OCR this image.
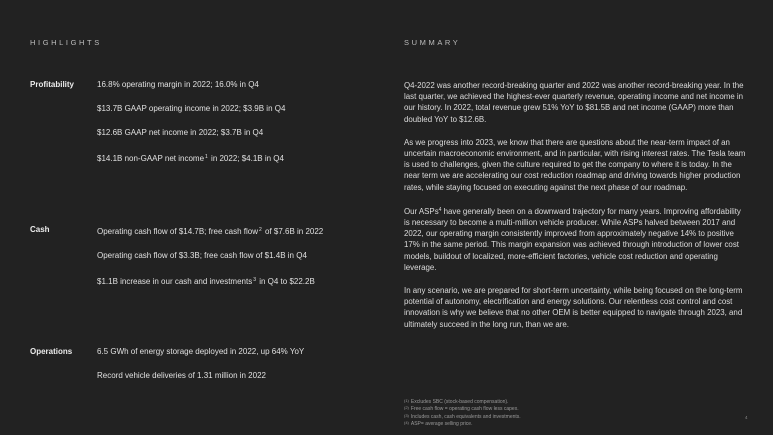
HIGHLIGHTS	SUMMARY
Profitability	16.8% operating margin in 2022; 16.0% in Q4
$13.7B GAAP operating income in 2022; $3.9B in Q4
$12.6B GAAP net income in 2022; $3.7B in Q4
$14.1B non-GAAP net income$^1$ in 2022; $4.1B in Q4
Cash	Operating cash flow of $14.7B; free cash flow$^2$ of $7.6B in 2022
Operating cash flow of $3.3B; free cash flow of $1.4B in Q4
$1.1B increase in our cash and investments$^3$ in Q4 to $22.2B
Operations	6.5 GWh of energy storage deployed in 2022, up 64% YoY
Record vehicle deliveries of 1.31 million in 2022

Q4-2022 was another record-breaking quarter and 2022 was another record-breaking year. In the last quarter, we achieved the highest-ever quarterly revenue, operating income and net income in our history. In 2022, total revenue grew 51% YoY to $81.5B and net income (GAAP) more than doubled YoY to $12.6B.

As we progress into 2023, we know that there are questions about the near-term impact of an uncertain macroeconomic environment, and in particular, with rising interest rates. The Tesla team is used to challenges, given the culture required to get the company to where it is today. In the near term we are accelerating our cost reduction roadmap and driving towards higher production rates, while staying focused on executing against the next phase of our roadmap.

Our ASPs$^4$ have generally been on a downward trajectory for many years. Improving affordability is necessary to become a multi-million vehicle producer. While ASPs halved between 2017 and 2022, our operating margin consistently improved from approximately negative 14% to positive 17% in the same period. This margin expansion was achieved through introduction of lower cost models, buildout of localized, more-efficient factories, vehicle cost reduction and operating leverage.

In any scenario, we are prepared for short-term uncertainty, while being focused on the long-term potential of autonomy, electrification and energy solutions. Our relentless cost control and cost innovation is why we believe that no other OEM is better equipped to navigate through 2023, and ultimately succeed in the long run, than we are.

$^{(1)}$ Excludes SBC (stock-based compensation).
$^{(2)}$ Free cash flow = operating cash flow less capex.
$^{(3)}$ Includes cash, cash equivalents and investments.
$^{(4)}$ ASP= average selling price.
4
